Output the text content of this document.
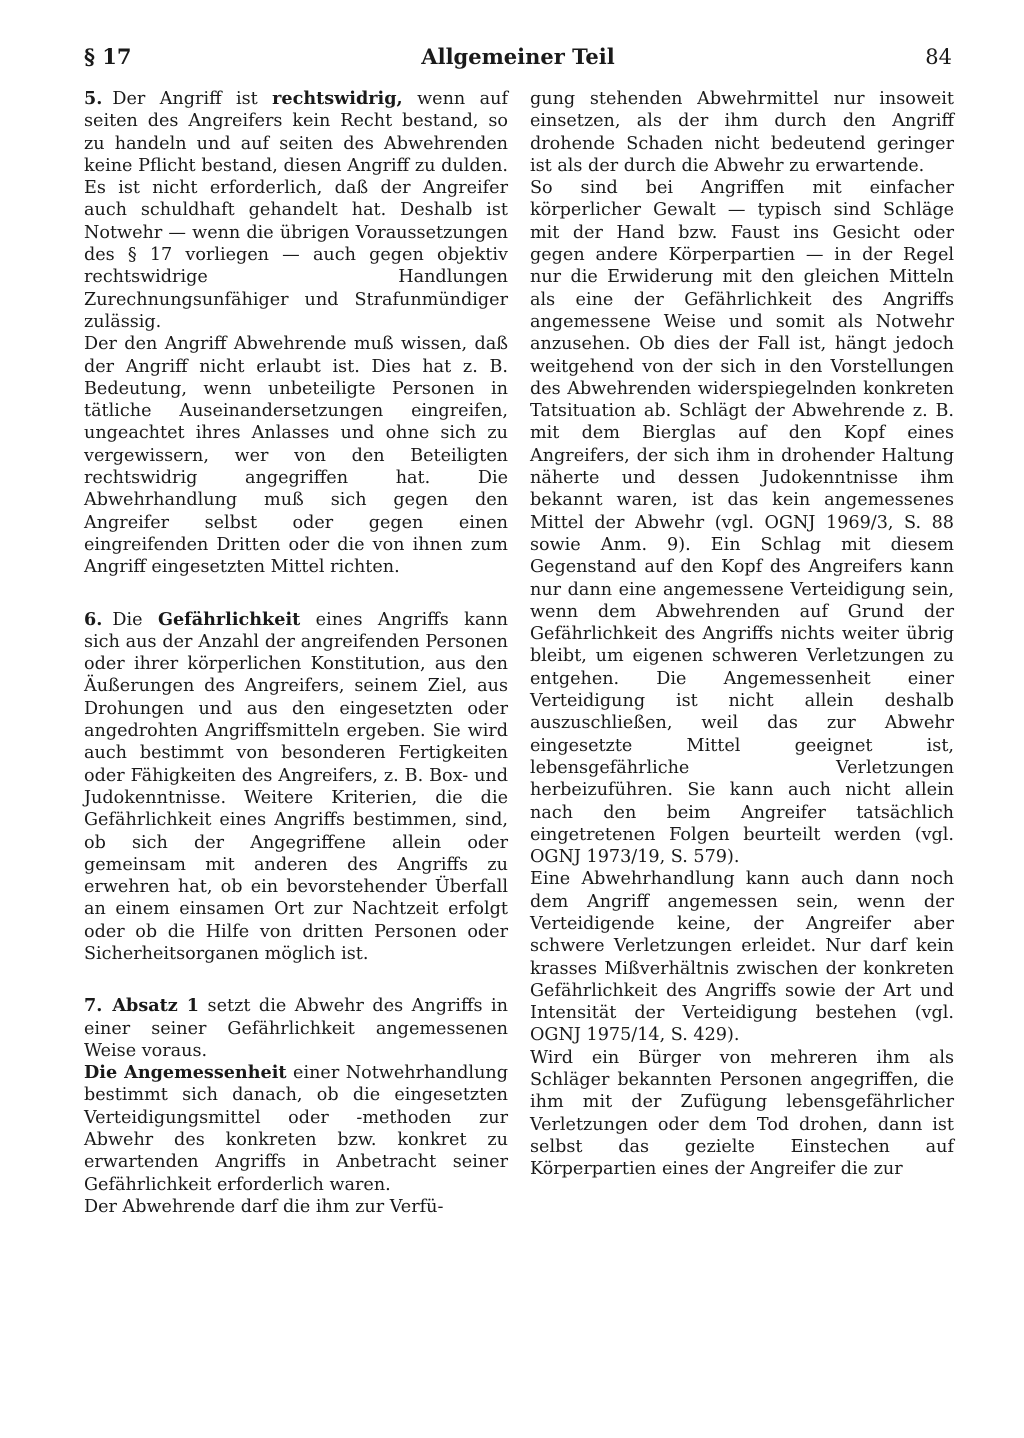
§ 17	Allgemeiner Teil	84

5. Der Angriff ist rechtswidrig, wenn auf seiten des Angreifers kein Recht bestand, so zu handeln und auf seiten des Abwehrenden keine Pflicht bestand, diesen Angriff zu dulden. Es ist nicht erforderlich, daß der Angreifer auch schuldhaft gehandelt hat. Deshalb ist Notwehr — wenn die übrigen Voraussetzungen des § 17 vorliegen — auch gegen objektiv rechtswidrige Handlungen Zurechnungsunfähiger und Strafunmündiger zulässig.

Der den Angriff Abwehrende muß wissen, daß der Angriff nicht erlaubt ist. Dies hat z. B. Bedeutung, wenn unbeteiligte Personen in tätliche Auseinandersetzungen eingreifen, ungeachtet ihres Anlasses und ohne sich zu vergewissern, wer von den Beteiligten rechtswidrig angegriffen hat. Die Abwehrhandlung muß sich gegen den Angreifer selbst oder gegen einen eingreifenden Dritten oder die von ihnen zum Angriff eingesetzten Mittel richten.

6. Die Gefährlichkeit eines Angriffs kann sich aus der Anzahl der angreifenden Personen oder ihrer körperlichen Konstitution, aus den Äußerungen des Angreifers, seinem Ziel, aus Drohungen und aus den eingesetzten oder angedrohten Angriffsmitteln ergeben. Sie wird auch bestimmt von besonderen Fertigkeiten oder Fähigkeiten des Angreifers, z. B. Box- und Judokenntnisse. Weitere Kriterien, die die Gefährlichkeit eines Angriffs bestimmen, sind, ob sich der Angegriffene allein oder gemeinsam mit anderen des Angriffs zu erwehren hat, ob ein bevorstehender Überfall an einem einsamen Ort zur Nachtzeit erfolgt oder ob die Hilfe von dritten Personen oder Sicherheitsorganen möglich ist.

7. Absatz 1 setzt die Abwehr des Angriffs in einer seiner Gefährlichkeit angemessenen Weise voraus.

Die Angemessenheit einer Notwehrhandlung bestimmt sich danach, ob die eingesetzten Verteidigungsmittel oder -methoden zur Abwehr des konkreten bzw. konkret zu erwartenden Angriffs in Anbetracht seiner Gefährlichkeit erforderlich waren.

Der Abwehrende darf die ihm zur Verfü-

gung stehenden Abwehrmittel nur insoweit einsetzen, als der ihm durch den Angriff drohende Schaden nicht bedeutend geringer ist als der durch die Abwehr zu erwartende.

So sind bei Angriffen mit einfacher körperlicher Gewalt — typisch sind Schläge mit der Hand bzw. Faust ins Gesicht oder gegen andere Körperpartien — in der Regel nur die Erwiderung mit den gleichen Mitteln als eine der Gefährlichkeit des Angriffs angemessene Weise und somit als Notwehr anzusehen. Ob dies der Fall ist, hängt jedoch weitgehend von der sich in den Vorstellungen des Abwehrenden widerspiegelnden konkreten Tatsituation ab. Schlägt der Abwehrende z. B. mit dem Bierglas auf den Kopf eines Angreifers, der sich ihm in drohender Haltung näherte und dessen Judokenntnisse ihm bekannt waren, ist das kein angemessenes Mittel der Abwehr (vgl. OGNJ 1969/3, S. 88 sowie Anm. 9). Ein Schlag mit diesem Gegenstand auf den Kopf des Angreifers kann nur dann eine angemessene Verteidigung sein, wenn dem Abwehrenden auf Grund der Gefährlichkeit des Angriffs nichts weiter übrig bleibt, um eigenen schweren Verletzungen zu entgehen. Die Angemessenheit einer Verteidigung ist nicht allein deshalb auszuschließen, weil das zur Abwehr eingesetzte Mittel geeignet ist, lebensgefährliche Verletzungen herbeizuführen. Sie kann auch nicht allein nach den beim Angreifer tatsächlich eingetretenen Folgen beurteilt werden (vgl. OGNJ 1973/19, S. 579).

Eine Abwehrhandlung kann auch dann noch dem Angriff angemessen sein, wenn der Verteidigende keine, der Angreifer aber schwere Verletzungen erleidet. Nur darf kein krasses Mißverhältnis zwischen der konkreten Gefährlichkeit des Angriffs sowie der Art und Intensität der Verteidigung bestehen (vgl. OGNJ 1975/14, S. 429).

Wird ein Bürger von mehreren ihm als Schläger bekannten Personen angegriffen, die ihm mit der Zufügung lebensgefährlicher Verletzungen oder dem Tod drohen, dann ist selbst das gezielte Einstechen auf Körperpartien eines der Angreifer die zur
